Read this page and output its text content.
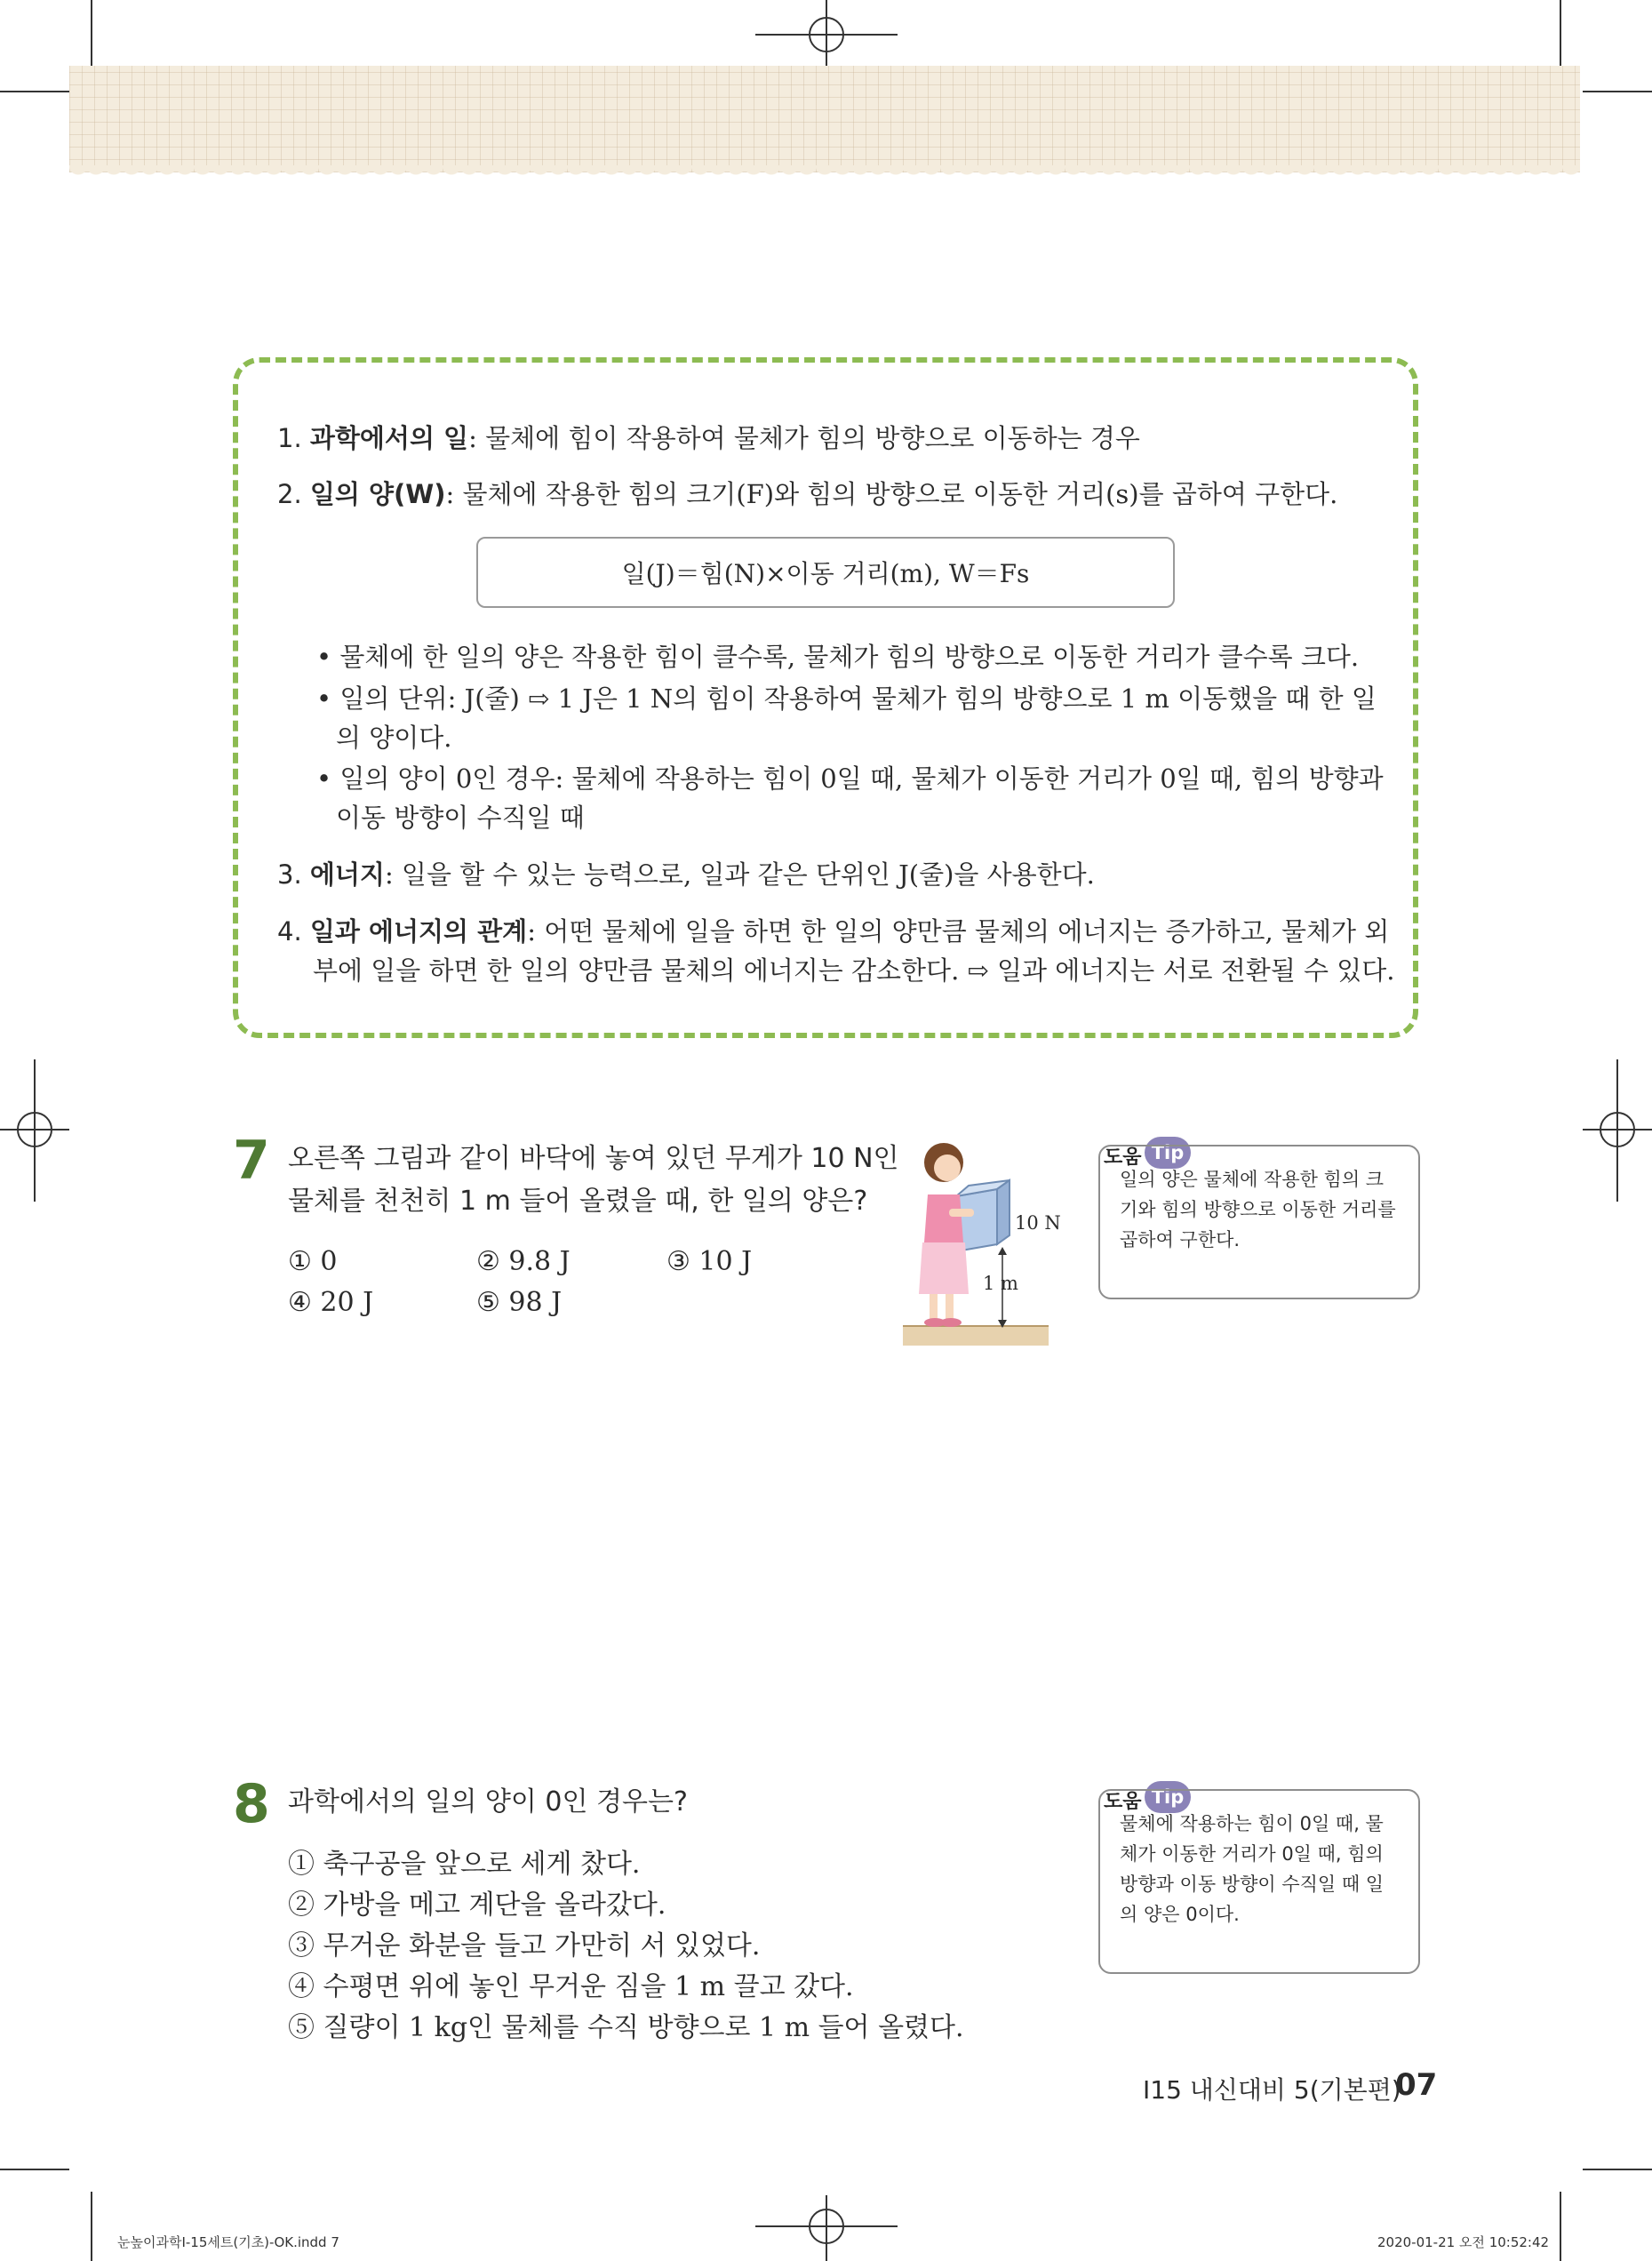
1. 과학에서의 일: 물체에 힘이 작용하여 물체가 힘의 방향으로 이동하는 경우
2. 일의 양(W): 물체에 작용한 힘의 크기(F)와 힘의 방향으로 이동한 거리(s)를 곱하여 구한다.
일(J)＝힘(N)×이동 거리(m), W＝Fs
• 물체에 한 일의 양은 작용한 힘이 클수록, 물체가 힘의 방향으로 이동한 거리가 클수록 크다.
• 일의 단위: J(줄) ⇨ 1 J은 1 N의 힘이 작용하여 물체가 힘의 방향으로 1 m 이동했을 때 한 일
의 양이다.
• 일의 양이 0인 경우: 물체에 작용하는 힘이 0일 때, 물체가 이동한 거리가 0일 때, 힘의 방향과
이동 방향이 수직일 때
3. 에너지: 일을 할 수 있는 능력으로, 일과 같은 단위인 J(줄)을 사용한다.
4. 일과 에너지의 관계: 어떤 물체에 일을 하면 한 일의 양만큼 물체의 에너지는 증가하고, 물체가 외
부에 일을 하면 한 일의 양만큼 물체의 에너지는 감소한다. ⇨ 일과 에너지는 서로 전환될 수 있다.
7 오른쪽 그림과 같이 바닥에 놓여 있던 무게가 10 N인
물체를 천천히 1 m 들어 올렸을 때, 한 일의 양은?
① 0	② 9.8 J	③ 10 J
④ 20 J	⑤ 98 J
10 N
1 m
도움 Tip
일의 양은 물체에 작용한 힘의 크
기와 힘의 방향으로 이동한 거리를
곱하여 구한다.
8 과학에서의 일의 양이 0인 경우는?
① 축구공을 앞으로 세게 찼다.
② 가방을 메고 계단을 올라갔다.
③ 무거운 화분을 들고 가만히 서 있었다.
④ 수평면 위에 놓인 무거운 짐을 1 m 끌고 갔다.
⑤ 질량이 1 kg인 물체를 수직 방향으로 1 m 들어 올렸다.
도움 Tip
물체에 작용하는 힘이 0일 때, 물
체가 이동한 거리가 0일 때, 힘의
방향과 이동 방향이 수직일 때 일
의 양은 0이다.
I15 내신대비 5(기본편)
07
눈높이과학Ⅰ-15세트(기초)-OK.indd 7	2020-01-21 오전 10:52:42
